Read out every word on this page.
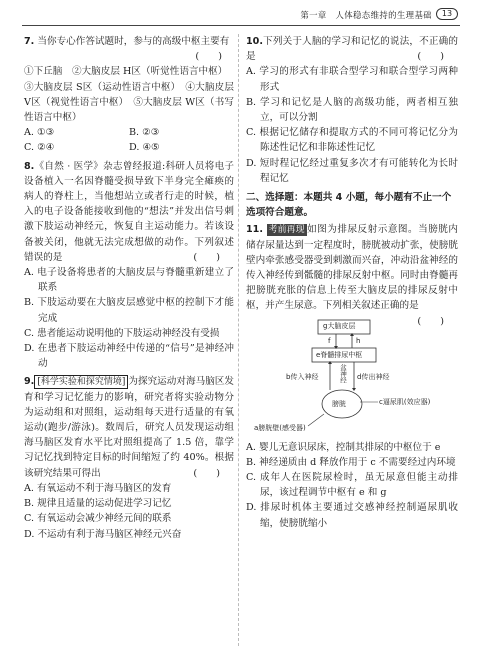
第一章　人体稳态维持的生理基础	13
7. 当你专心作答试题时，参与的高级中枢主要有
(　　)
①下丘脑　②大脑皮层 H区（听觉性语言中枢）
③大脑皮层 S区（运动性语言中枢）　④大脑皮层 V区（视觉性语言中枢）　⑤大脑皮层 W区（书写性语言中枢）
A. ①③	B. ②③
C. ②④	D. ④⑤
8.《自然 · 医学》杂志曾经报道:科研人员将电子设备植入一名因脊髓受损导致下半身完全瘫痪的病人的脊柱上，当他想站立或者行走的时候，植入的电子设备能接收到他的“想法”并发出信号刺激下肢运动神经元，恢复自主运动能力。若该设备被关闭，他就无法完成想做的动作。下列叙述错误的是	(　　)
A. 电子设备将患者的大脑皮层与脊髓重新建立了联系
B. 下肢运动要在大脑皮层感觉中枢的控制下才能完成
C. 患者能运动说明他的下肢运动神经没有受损
D. 在患者下肢运动神经中传递的“信号”是神经冲动
9. [科学实验和探究情境] 为探究运动对海马脑区发育和学习记忆能力的影响，研究者将实验动物分为运动组和对照组，运动组每天进行适量的有氧运动(跑步/游泳)。数周后，研究人员发现运动组海马脑区发育水平比对照组提高了 1.5 倍，靠学习记忆找到特定目标的时间缩短了约 40%。根据该研究结果可得出	(　　)
A. 有氧运动不利于海马脑区的发育
B. 规律且适量的运动促进学习记忆
C. 有氧运动会减少神经元间的联系
D. 不运动有利于海马脑区神经元兴奋
10.下列关于人脑的学习和记忆的说法，不正确的是	(　　)
A. 学习的形式有非联合型学习和联合型学习两种形式
B. 学习和记忆是人脑的高级功能，两者相互独立，可以分割
C. 根据记忆储存和提取方式的不同可将记忆分为陈述性记忆和非陈述性记忆
D. 短时程记忆经过重复多次才有可能转化为长时程记忆
二、选择题：本题共 4 小题，每小题有不止一个选项符合题意。
11. 考前再现 如图为排尿反射示意图。当膀胱内储存尿量达到一定程度时，膀胱被动扩张，使膀胱壁内牵张感受器受到刺激而兴奋，冲动沿盆神经的传入神经传到骶髓的排尿反射中枢。同时由脊髓再把膀胱充胀的信息上传至大脑皮层的排尿反射中枢，并产生尿意。下列相关叙述正确的是
(　　)
g大脑皮层
f	h
e脊髓排尿中枢
b传入神经	d传出神经
盆神经
膀胱
a膀胱壁(感受器)
c逼尿肌(效应器)
A. 婴儿无意识尿床，控制其排尿的中枢位于 e
B. 神经递质由 d 释放作用于 c 不需要经过内环境
C. 成年人在医院尿检时，虽无尿意但能主动排尿，该过程调节中枢有 e 和 g
D. 排尿时机体主要通过交感神经控制逼尿肌收缩，使膀胱缩小
